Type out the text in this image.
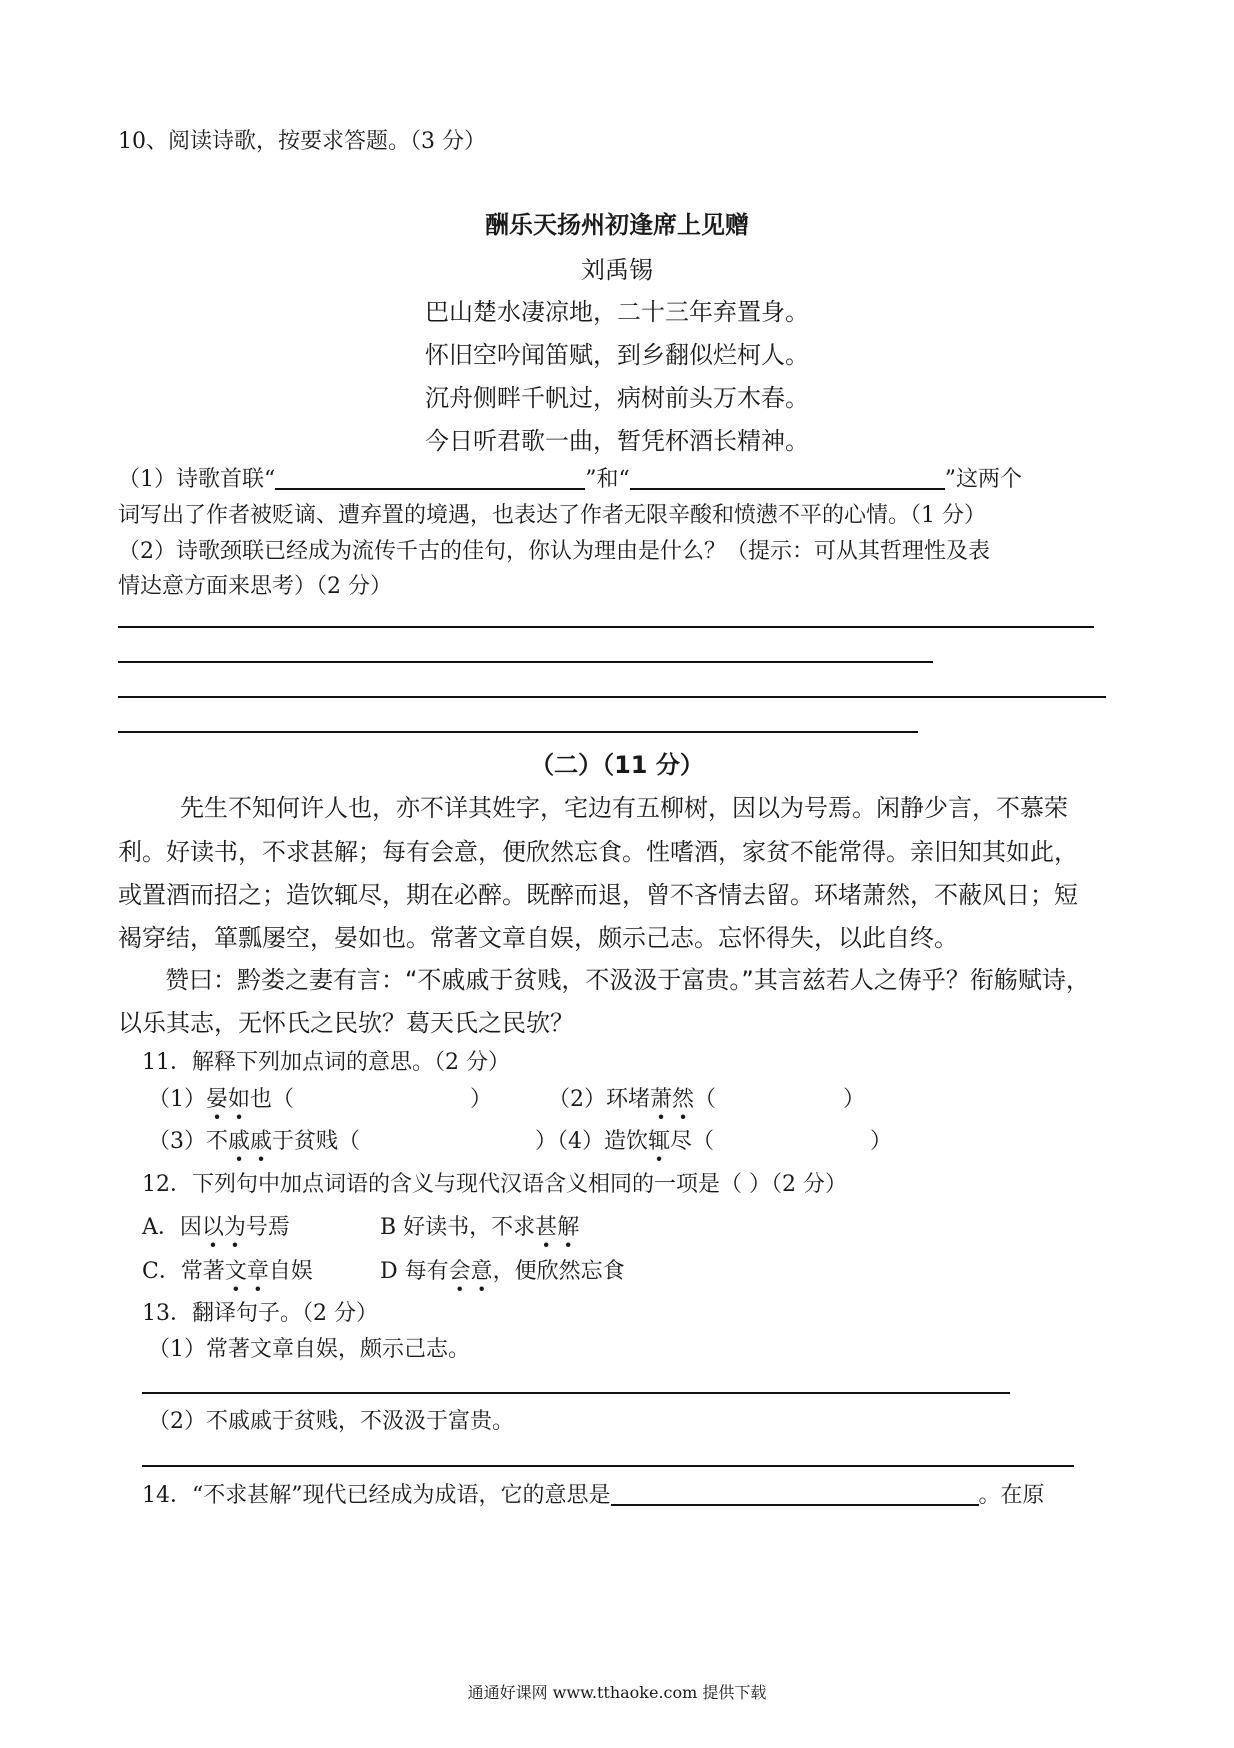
10、阅读诗歌，按要求答题。（3 分）
酬乐天扬州初逢席上见赠
刘禹锡
巴山楚水凄凉地，二十三年弃置身。
怀旧空吟闻笛赋，到乡翻似烂柯人。
沉舟侧畔千帆过，病树前头万木春。
今日听君歌一曲，暂凭杯酒长精神。
（1）诗歌首联“	”和“	”这两个
词写出了作者被贬谪、遭弃置的境遇，也表达了作者无限辛酸和愤懑不平的心情。（1 分）
（2）诗歌颈联已经成为流传千古的佳句，你认为理由是什么？（提示：可从其哲理性及表
情达意方面来思考）（2 分）
（二）（11 分）
先生不知何许人也，亦不详其姓字，宅边有五柳树，因以为号焉。闲静少言，不慕荣
利。好读书，不求甚解；每有会意，便欣然忘食。性嗜酒，家贫不能常得。亲旧知其如此，
或置酒而招之；造饮辄尽，期在必醉。既醉而退，曾不吝情去留。环堵萧然，不蔽风日；短
褐穿结，箪瓢屡空，晏如也。常著文章自娱，颇示己志。忘怀得失，以此自终。
赞曰：黔娄之妻有言：“不戚戚于贫贱，不汲汲于富贵。”其言兹若人之俦乎？衔觞赋诗，
以乐其志，无怀氏之民欤？葛天氏之民欤？
11．解释下列加点词的意思。（2 分）
（1）晏如也（	）	（2）环堵萧然（	）
（3）不戚戚于贫贱（	）（4）造饮辄尽（	）
12．下列句中加点词语的含义与现代汉语含义相同的一项是（ ）（2 分）
A．因以为号焉	B 好读书，不求甚解
C．常著文章自娱	D 每有会意，便欣然忘食
13．翻译句子。（2 分）
（1）常著文章自娱，颇示己志。
（2）不戚戚于贫贱，不汲汲于富贵。
14．“不求甚解”现代已经成为成语，它的意思是	。在原
通通好课网 www.tthaoke.com 提供下载
